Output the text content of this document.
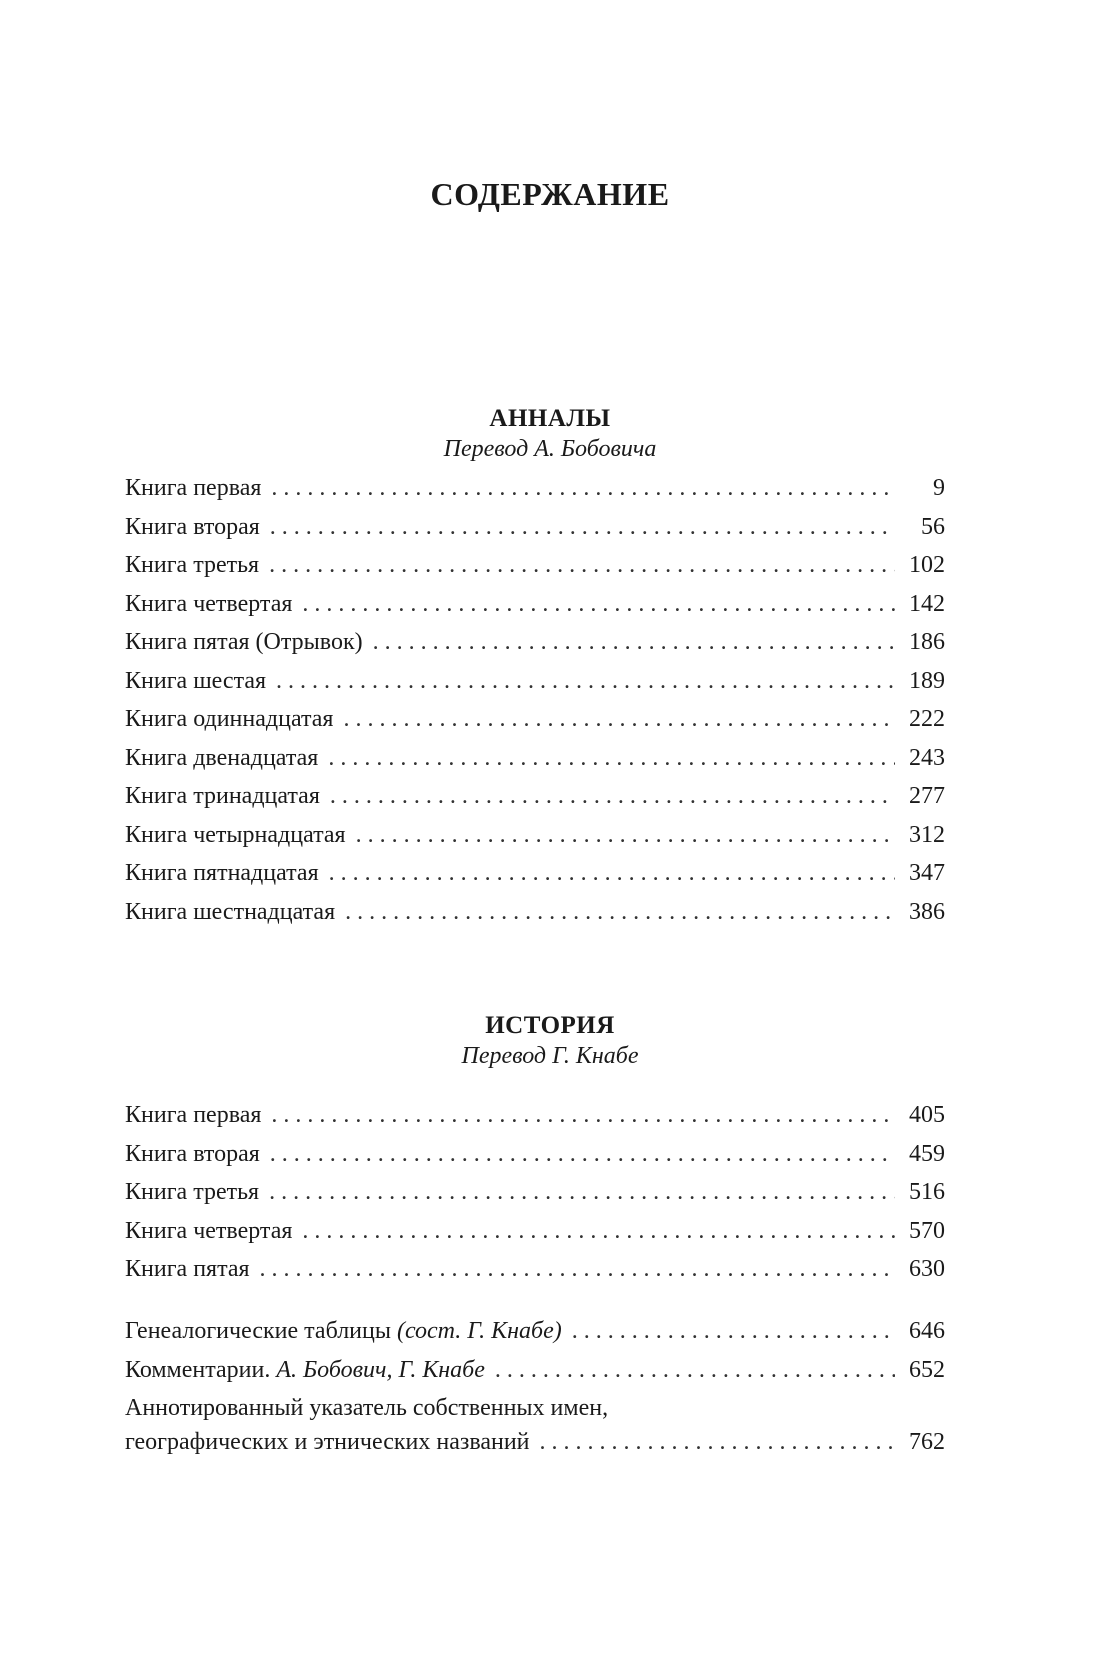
СОДЕРЖАНИЕ
АННАЛЫ
Перевод А. Бобовича
Книга первая . . .	9
Книга вторая . . .	56
Книга третья . . .	102
Книга четвертая . . .	142
Книга пятая (Отрывок) . . .	186
Книга шестая . . .	189
Книга одиннадцатая . . .	222
Книга двенадцатая . . .	243
Книга тринадцатая . . .	277
Книга четырнадцатая . . .	312
Книга пятнадцатая . . .	347
Книга шестнадцатая . . .	386
ИСТОРИЯ
Перевод Г. Кнабе
Книга первая . . .	405
Книга вторая . . .	459
Книга третья . . .	516
Книга четвертая . . .	570
Книга пятая . . .	630
Генеалогические таблицы (сост. Г. Кнабе) . . .	646
Комментарии. А. Бобович, Г. Кнабе . . .	652
Аннотированный указатель собственных имен,
географических и этнических названий . . .	762
